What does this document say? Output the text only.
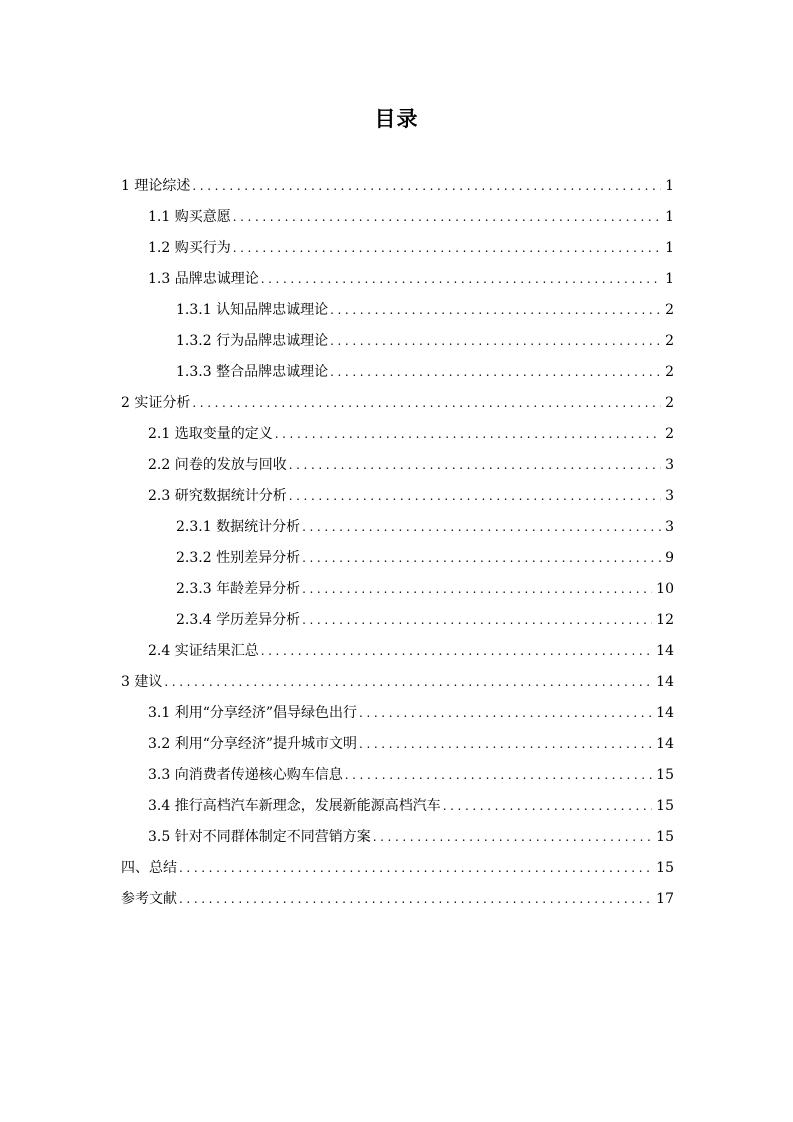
目录
1 理论综述 .....	1
1.1 购买意愿 .....	1
1.2 购买行为 .....	1
1.3 品牌忠诚理论 .....	1
1.3.1 认知品牌忠诚理论 .....	2
1.3.2 行为品牌忠诚理论 .....	2
1.3.3 整合品牌忠诚理论 .....	2
2 实证分析 .....	2
2.1 选取变量的定义 .....	2
2.2 问卷的发放与回收 .....	3
2.3 研究数据统计分析 .....	3
2.3.1 数据统计分析 .....	3
2.3.2 性别差异分析 .....	9
2.3.3 年龄差异分析 .....	10
2.3.4 学历差异分析 .....	12
2.4 实证结果汇总 .....	14
3 建议 .....	14
3.1 利用“分享经济”倡导绿色出行 .....	14
3.2 利用“分享经济”提升城市文明 .....	14
3.3 向消费者传递核心购车信息 .....	15
3.4 推行高档汽车新理念，发展新能源高档汽车 .....	15
3.5 针对不同群体制定不同营销方案 .....	15
四、总结 .....	15
参考文献 .....	17
